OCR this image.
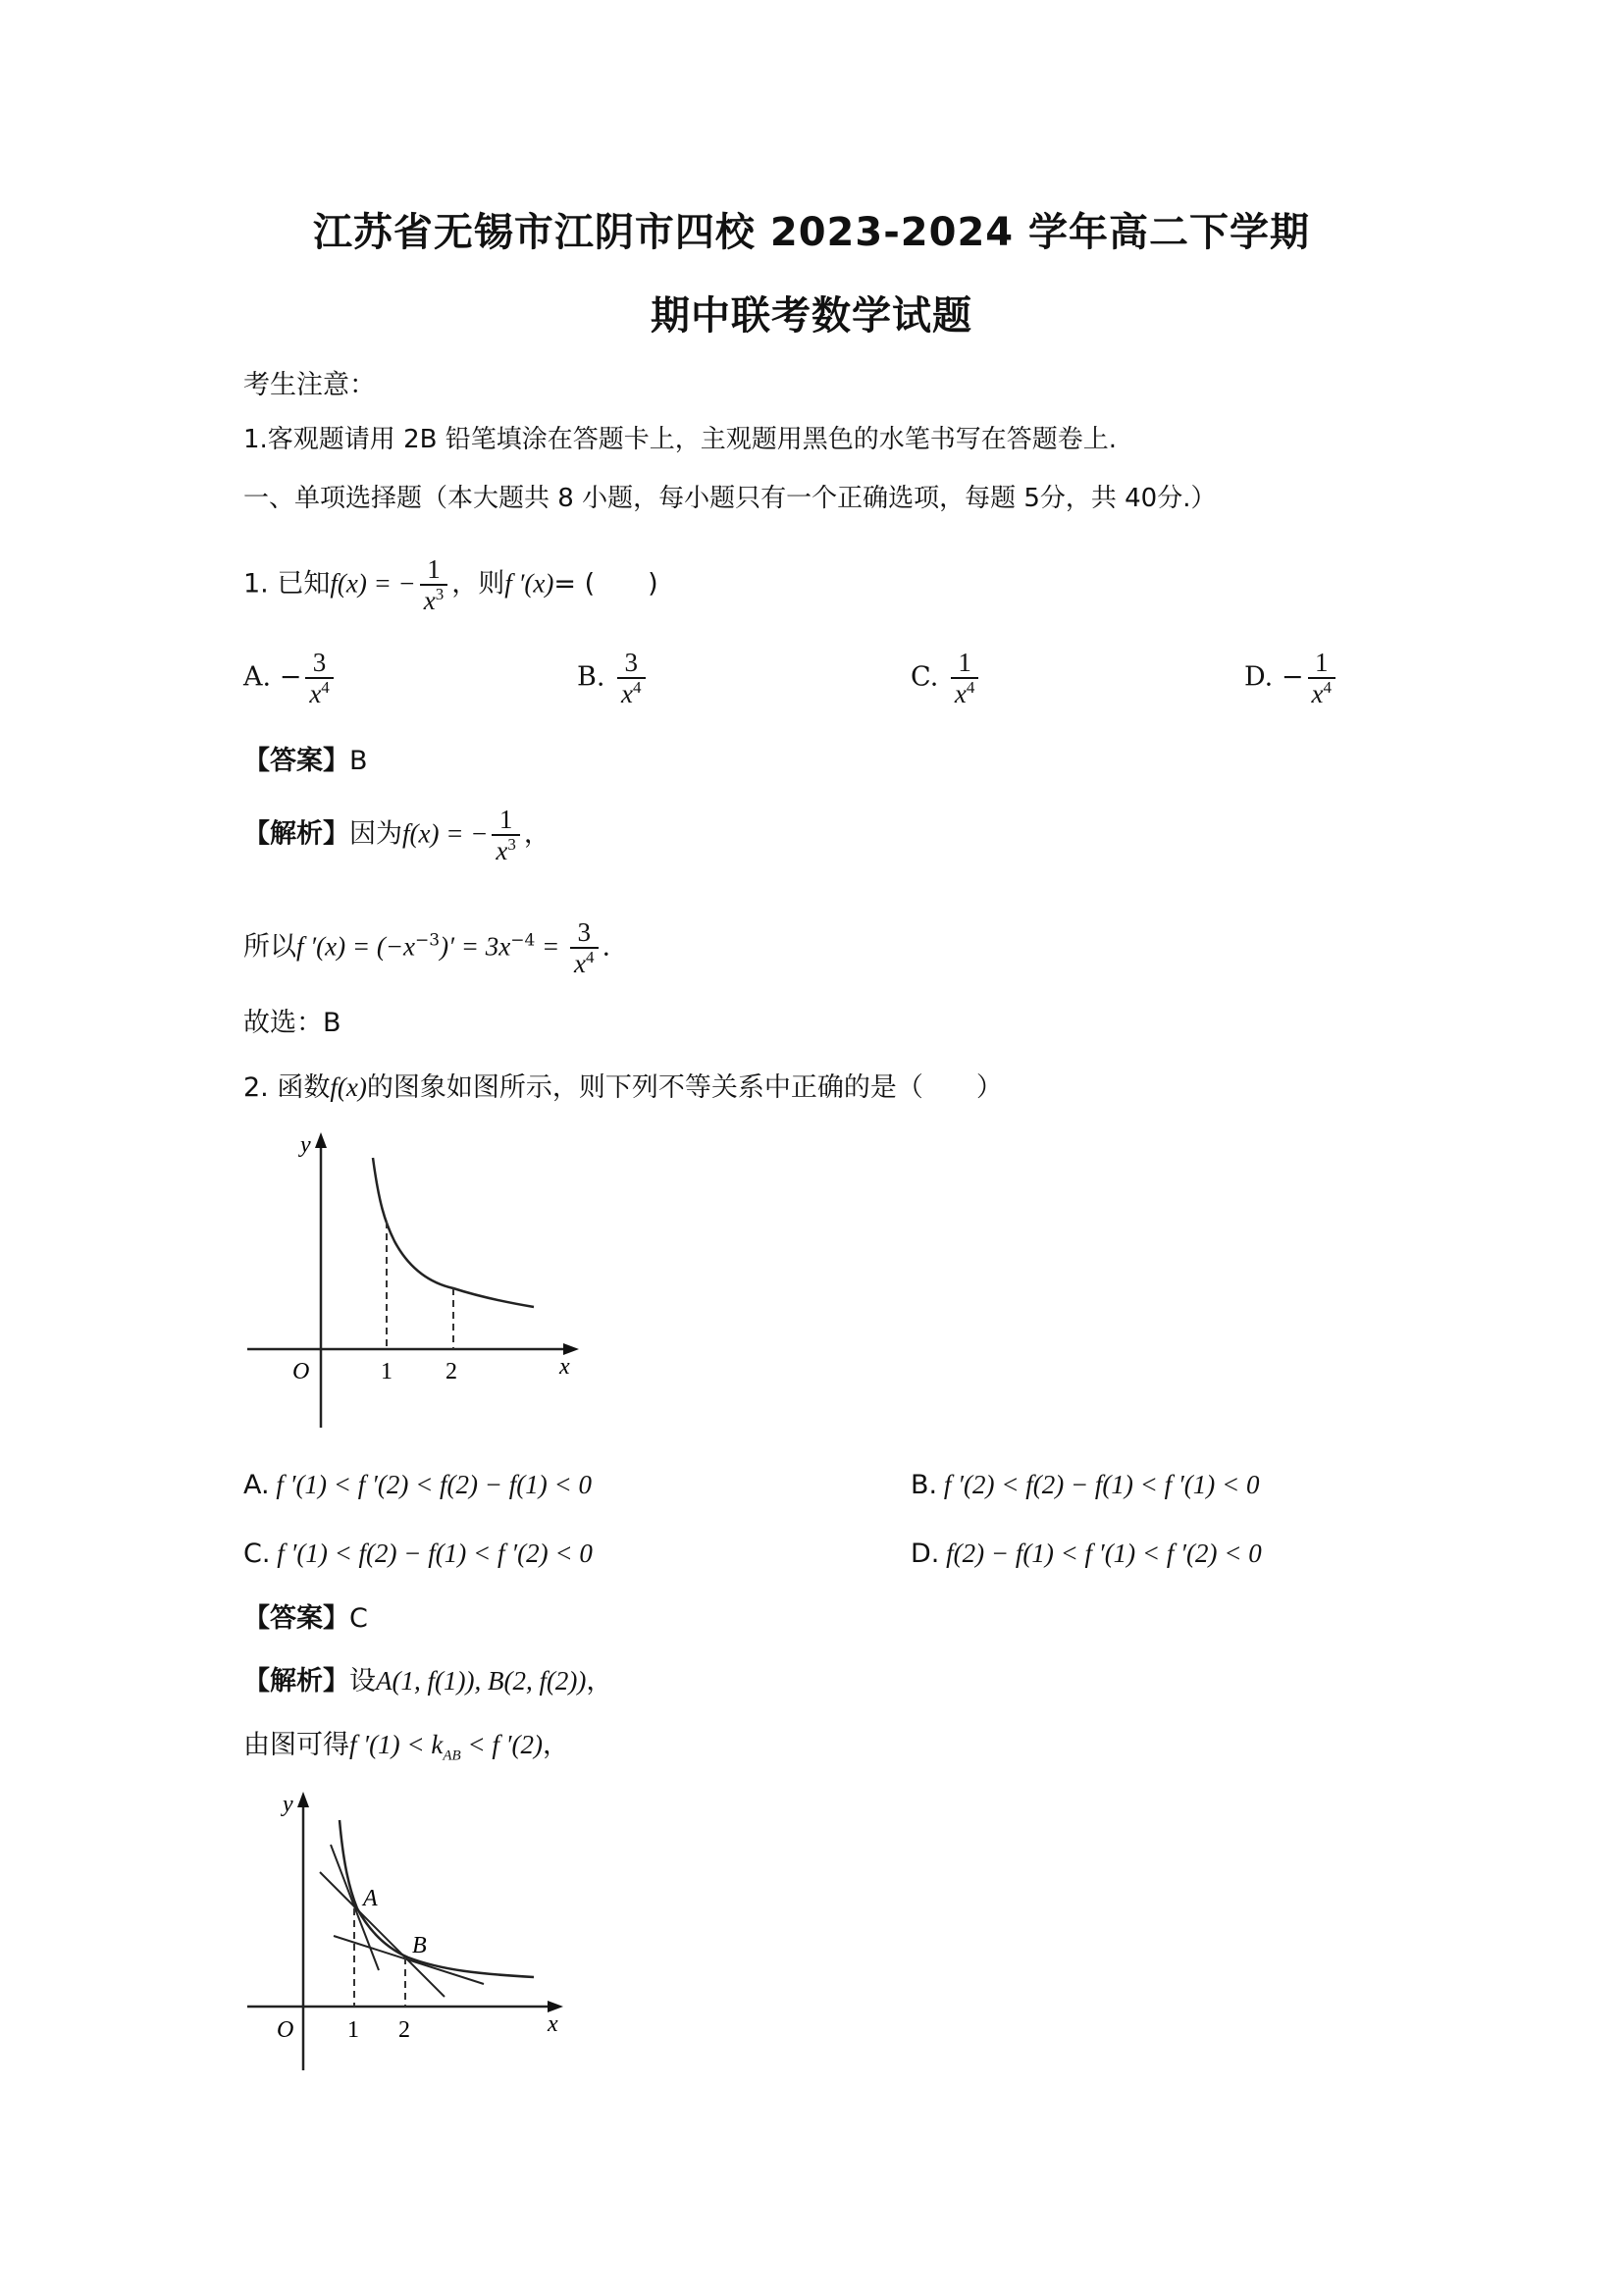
江苏省无锡市江阴市四校 2023-2024 学年高二下学期
期中联考数学试题
考生注意：
1.客观题请用 2B 铅笔填涂在答题卡上，主观题用黑色的水笔书写在答题卷上.
一、单项选择题（本大题共 8 小题，每小题只有一个正确选项，每题 5分，共 40分.）
1. 已知f(x) = − $\frac{1}{x^3}$ ，则f ′(x)= (　　)
A. − $\frac{3}{x^4}$	B. $\frac{3}{x^4}$	C. $\frac{1}{x^4}$	D. − $\frac{1}{x^4}$
【答案】B
【解析】因为f(x) = − $\frac{1}{x^3}$ ，
所以f $'(x) = (-x^{-3})' = 3x^{-4} = \frac{3}{x^4}$ .
故选：B
2. 函数f(x)的图象如图所示，则下列不等关系中正确的是（　　）
y
O	1 2	x
A. f ′(1) < f ′(2) < f(2) − f(1) < 0	B. f ′(2) < f(2) − f(1) < f ′(1) < 0
C. f ′(1) < f(2) − f(1) < f ′(2) < 0	D. f(2) − f(1) < f ′(1) < f ′(2) < 0
【答案】C
【解析】设A(1, f(1)), B(2, f(2))，
由图可得f $'(1) < k_{AB} < f$ ′(2)，
y
O 1 2	x
A
B
